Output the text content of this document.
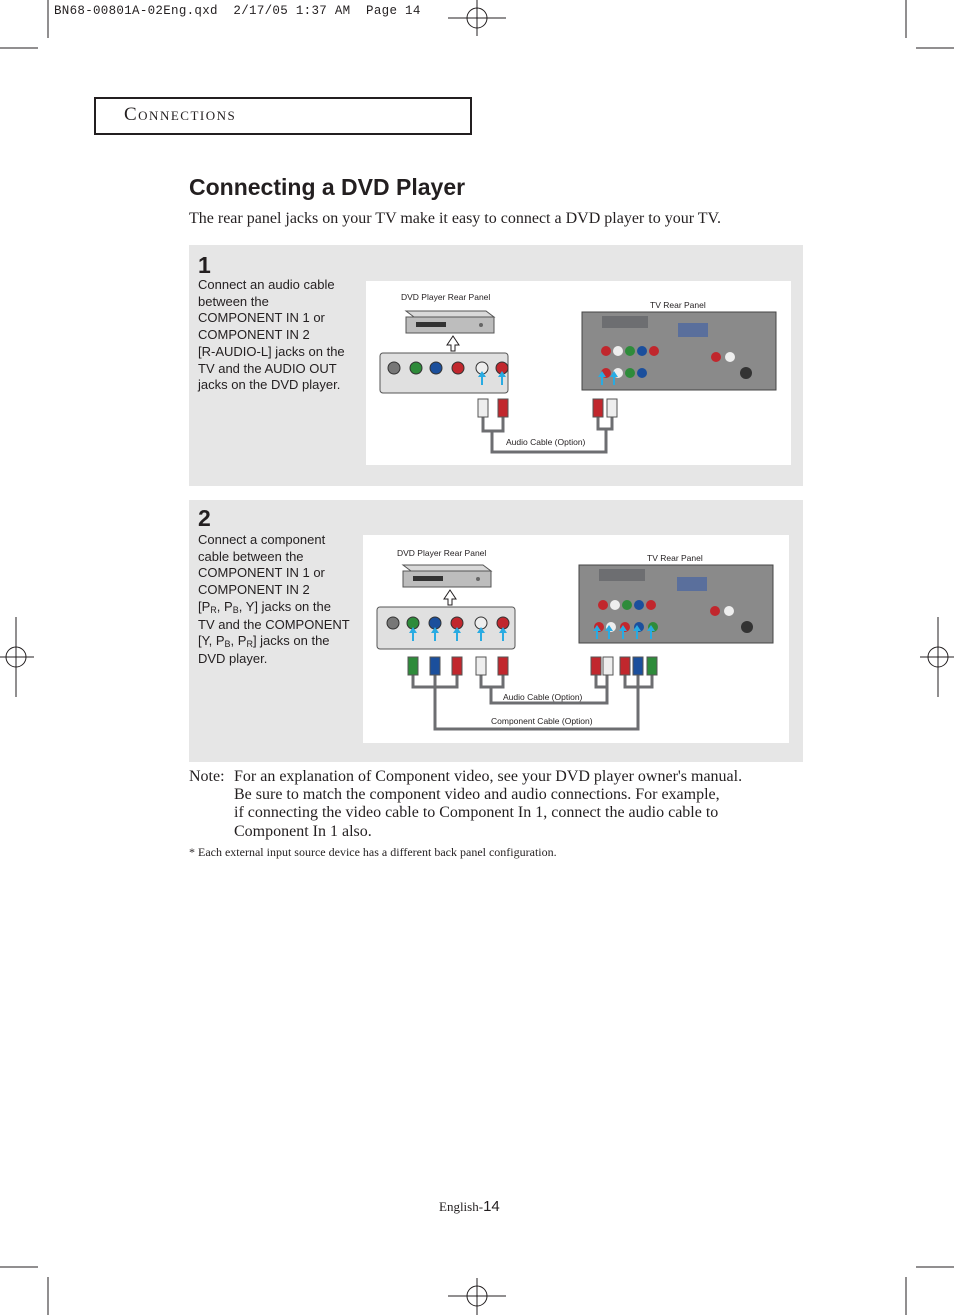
BN68-00801A-02Eng.qxd  2/17/05 1:37 AM  Page 14
Connections
Connecting a DVD Player
The rear panel jacks on your TV make it easy to connect a DVD player to your TV.
1
Connect an audio cable
between the
COMPONENT IN 1 or
COMPONENT IN 2
[R-AUDIO-L] jacks on the
TV and the AUDIO OUT
jacks on the DVD player.
DVD Player Rear Panel
TV Rear Panel
Audio Cable (Option)
2
Connect a component
cable between the
COMPONENT IN 1 or
COMPONENT IN 2
[$P_R$, $P_B$, Y] jacks on the
TV and the COMPONENT
[Y, $P_B$, $P_R$] jacks on the
DVD player.
DVD Player Rear Panel	TV Rear Panel
Audio Cable (Option)
Component Cable (Option)
Note: For an explanation of Component video, see your DVD player owner's manual.
Be sure to match the component video and audio connections. For example,
if connecting the video cable to Component In 1, connect the audio cable to
Component In 1 also.
* Each external input source device has a different back panel configuration.
English-14
